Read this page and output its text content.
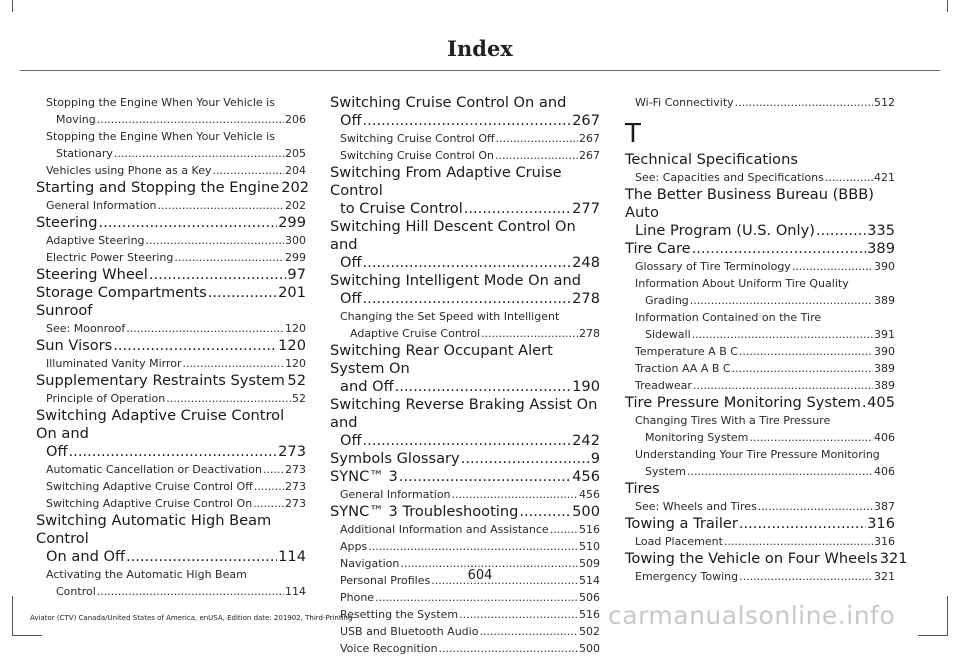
Index
Stopping the Engine When Your Vehicle is
Moving .....	206
Stopping the Engine When Your Vehicle is
Stationary .....	205
Vehicles using Phone as a Key .....	204
Starting and Stopping the Engine 202
General Information .....	202
Steering .....	299
Adaptive Steering .....	300
Electric Power Steering .....	299
Steering Wheel .....	97
Storage Compartments .....	201
Sunroof
See: Moonroof .....	120
Sun Visors .....	120
Illuminated Vanity Mirror .....	120
Supplementary Restraints System ..... 52
Principle of Operation .....	52
Switching Adaptive Cruise Control On and
Off .....	273
Automatic Cancellation or Deactivation ..... 273
Switching Adaptive Cruise Control Off .....	273
Switching Adaptive Cruise Control On .....	273
Switching Automatic High Beam Control
On and Off .....	114
Activating the Automatic High Beam
Control .....	114
Switching Cruise Control On and
Off .....	267
Switching Cruise Control Off .....	267
Switching Cruise Control On .....	267
Switching From Adaptive Cruise Control
to Cruise Control .....	277
Switching Hill Descent Control On and
Off .....	248
Switching Intelligent Mode On and
Off .....	278
Changing the Set Speed with Intelligent
Adaptive Cruise Control .....	278
Switching Rear Occupant Alert System On
and Off .....	190
Switching Reverse Braking Assist On and
Off .....	242
Symbols Glossary .....	9
SYNC™ 3 .....	456
General Information .....	456
SYNC™ 3 Troubleshooting .....	500
Additional Information and Assistance .....	516
Apps .....	510
Navigation .....	509
Personal Profiles .....	514
Phone .....	506
Resetting the System .....	516
USB and Bluetooth Audio .....	502
Voice Recognition .....	500
Wi-Fi Connectivity .....	512
T
Technical Specifications
See: Capacities and Specifications .....	421
The Better Business Bureau (BBB) Auto
Line Program (U.S. Only) .....	335
Tire Care .....	389
Glossary of Tire Terminology .....	390
Information About Uniform Tire Quality
Grading .....	389
Information Contained on the Tire
Sidewall .....	391
Temperature A B C .....	390
Traction AA A B C .....	389
Treadwear .....	389
Tire Pressure Monitoring System ..... 405
Changing Tires With a Tire Pressure
Monitoring System .....	406
Understanding Your Tire Pressure Monitoring
System .....	406
Tires
See: Wheels and Tires .....	387
Towing a Trailer .....	316
Load Placement .....	316
Towing the Vehicle on Four Wheels 321
Emergency Towing .....	321
604
Aviator (CTV) Canada/United States of America, enUSA, Edition date: 201902, Third-Printing-	carmanualsonline.info
